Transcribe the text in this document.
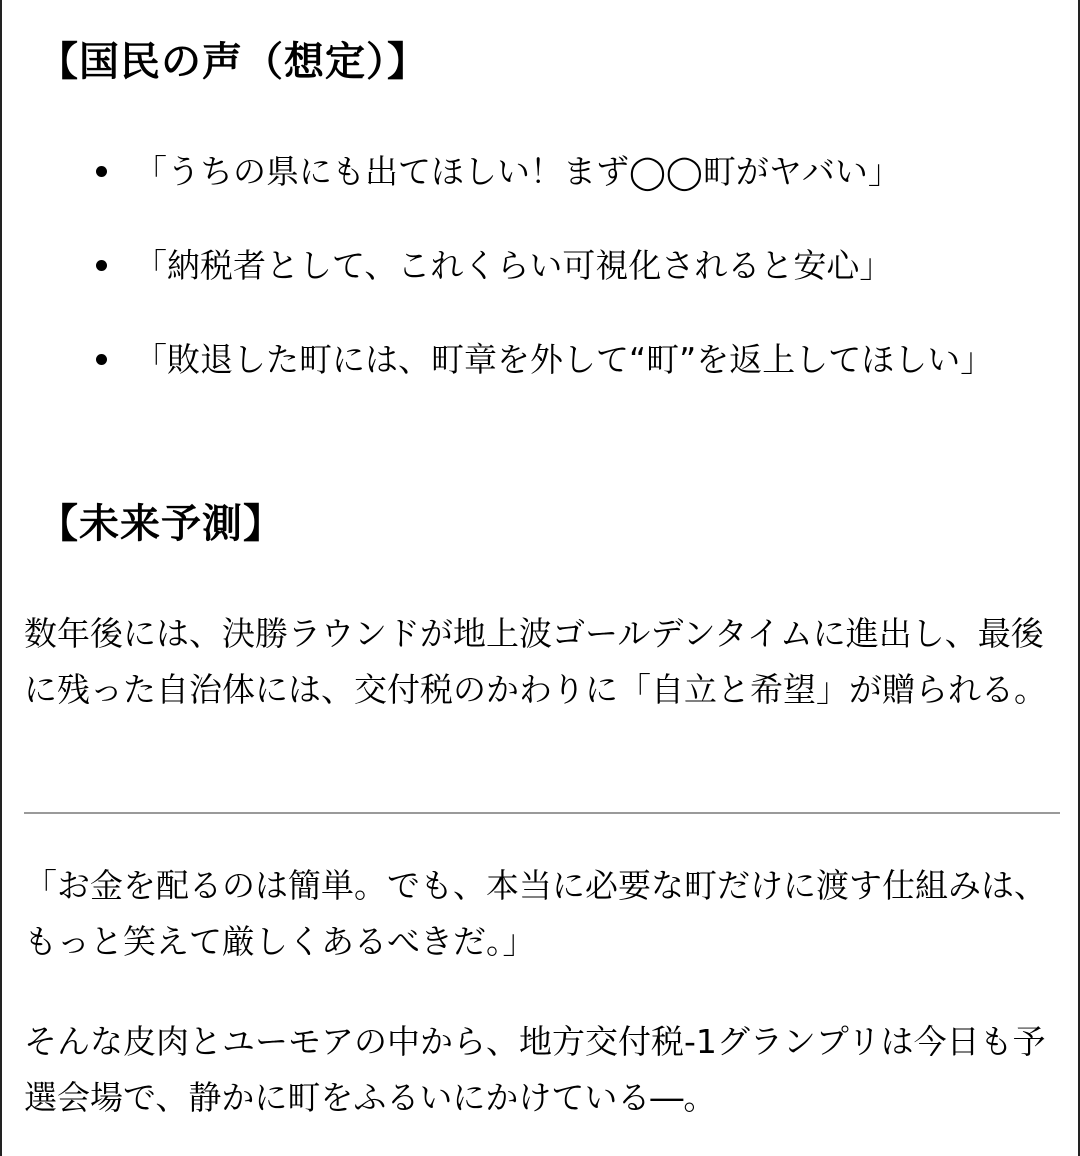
【国民の声（想定）】
「うちの県にも出てほしい！まず◯◯町がヤバい」
「納税者として、これくらい可視化されると安心」
「敗退した町には、町章を外して“町”を返上してほしい」
【未来予測】

数年後には、決勝ラウンドが地上波ゴールデンタイムに進出し、最後に残った自治体には、交付税のかわりに「自立と希望」が贈られる。

「お金を配るのは簡単。でも、本当に必要な町だけに渡す仕組みは、もっと笑えて厳しくあるべきだ。」

そんな皮肉とユーモアの中から、地方交付税-1グランプリは今日も予選会場で、静かに町をふるいにかけている―。
